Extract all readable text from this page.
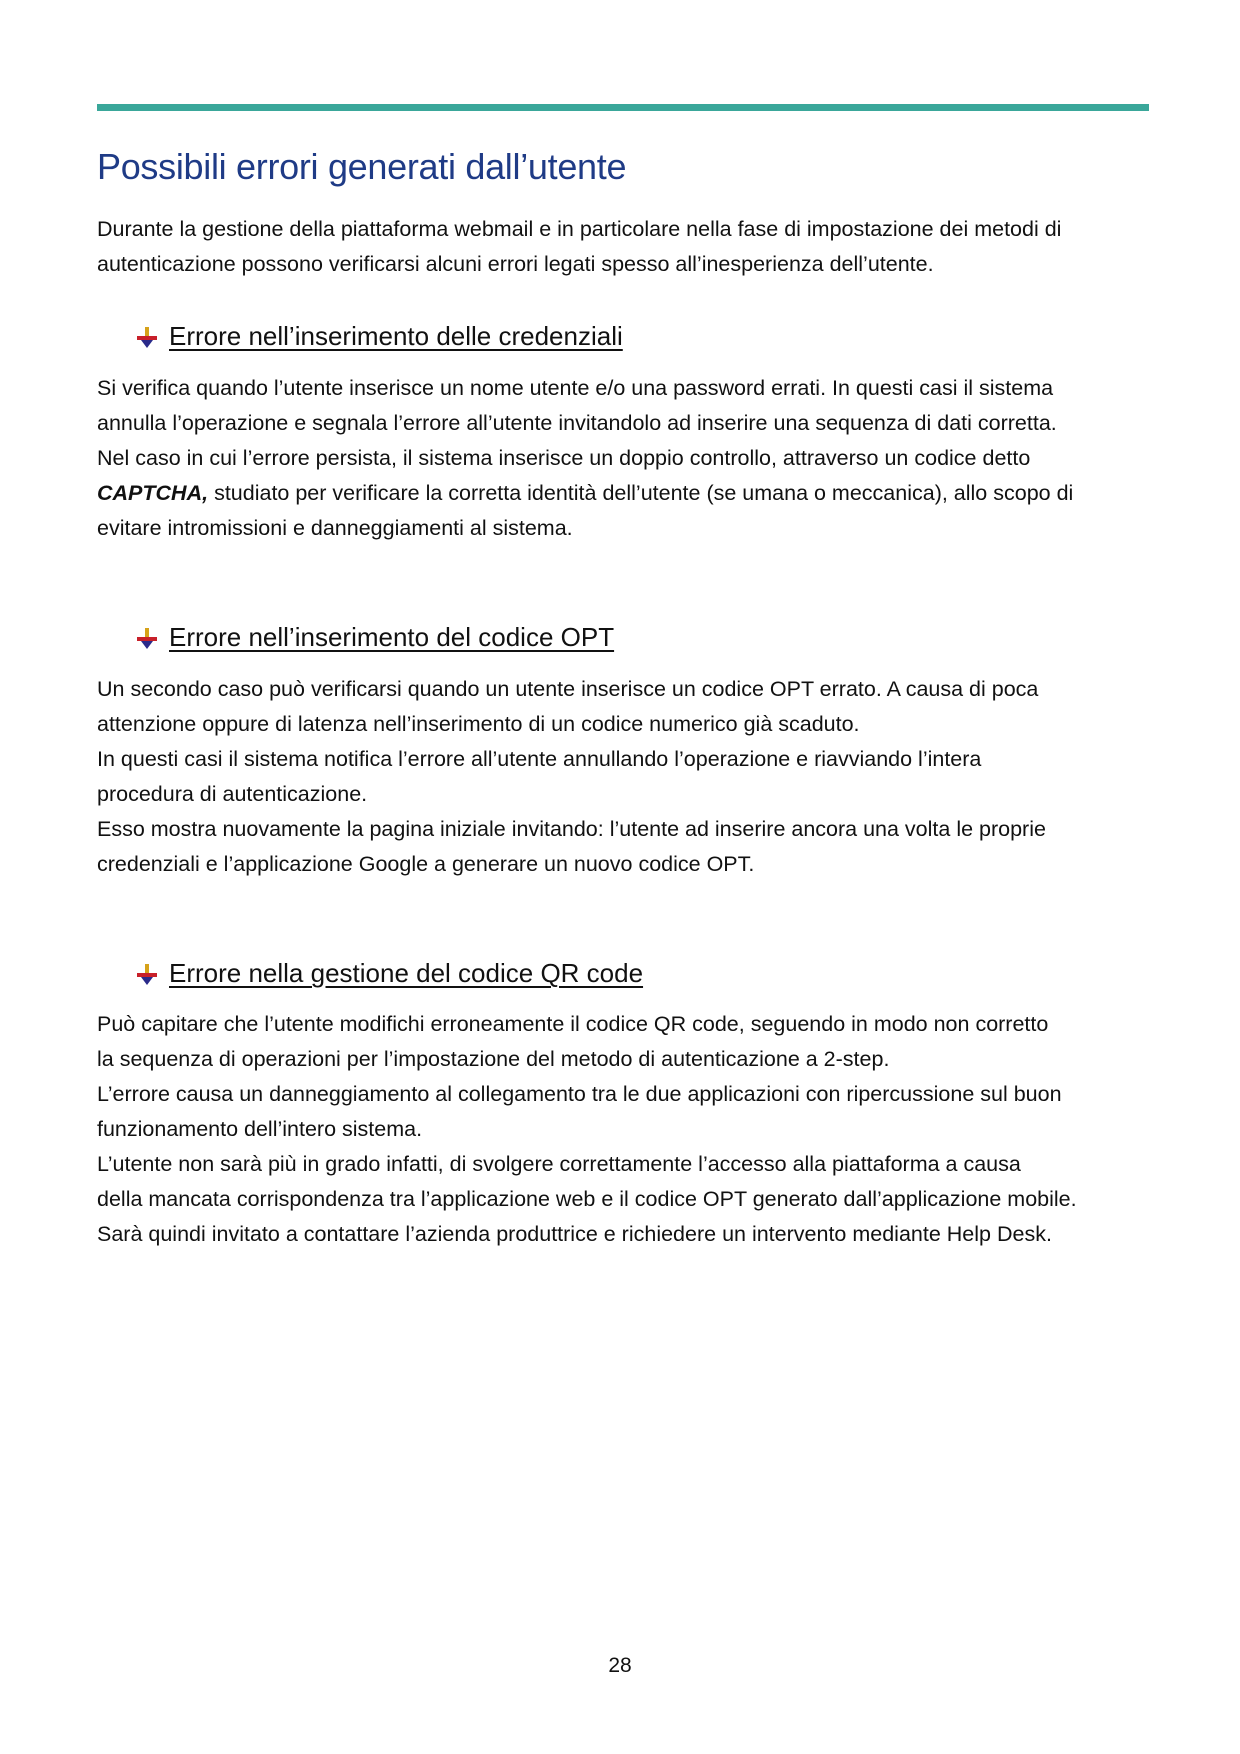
Possibili errori generati dall’utente

Durante la gestione della piattaforma webmail e in particolare nella fase di impostazione dei metodi di
autenticazione possono verificarsi alcuni errori legati spesso all’inesperienza dell’utente.

Errore nell’inserimento delle credenziali

Si verifica quando l’utente inserisce un nome utente e/o una password errati. In questi casi il sistema
annulla l’operazione e segnala l’errore all’utente invitandolo ad inserire una sequenza di dati corretta.
Nel caso in cui l’errore persista, il sistema inserisce un doppio controllo, attraverso un codice detto
CAPTCHA, studiato per verificare la corretta identità dell’utente (se umana o meccanica), allo scopo di
evitare intromissioni e danneggiamenti al sistema.

Errore nell’inserimento del codice OPT

Un secondo caso può verificarsi quando un utente inserisce un codice OPT errato. A causa di poca
attenzione oppure di latenza nell’inserimento di un codice numerico già scaduto.
In questi casi il sistema notifica l’errore all’utente annullando l’operazione e riavviando l’intera
procedura di autenticazione.
Esso mostra nuovamente la pagina iniziale invitando: l’utente ad inserire ancora una volta le proprie
credenziali e l’applicazione Google a generare un nuovo codice OPT.

Errore nella gestione del codice QR code

Può capitare che l’utente modifichi erroneamente il codice QR code, seguendo in modo non corretto
la sequenza di operazioni per l’impostazione del metodo di autenticazione a 2-step.
L’errore causa un danneggiamento al collegamento tra le due applicazioni con ripercussione sul buon
funzionamento dell’intero sistema.
L’utente non sarà più in grado infatti, di svolgere correttamente l’accesso alla piattaforma a causa
della mancata corrispondenza tra l’applicazione web e il codice OPT generato dall’applicazione mobile.
Sarà quindi invitato a contattare l’azienda produttrice e richiedere un intervento mediante Help Desk.

28
